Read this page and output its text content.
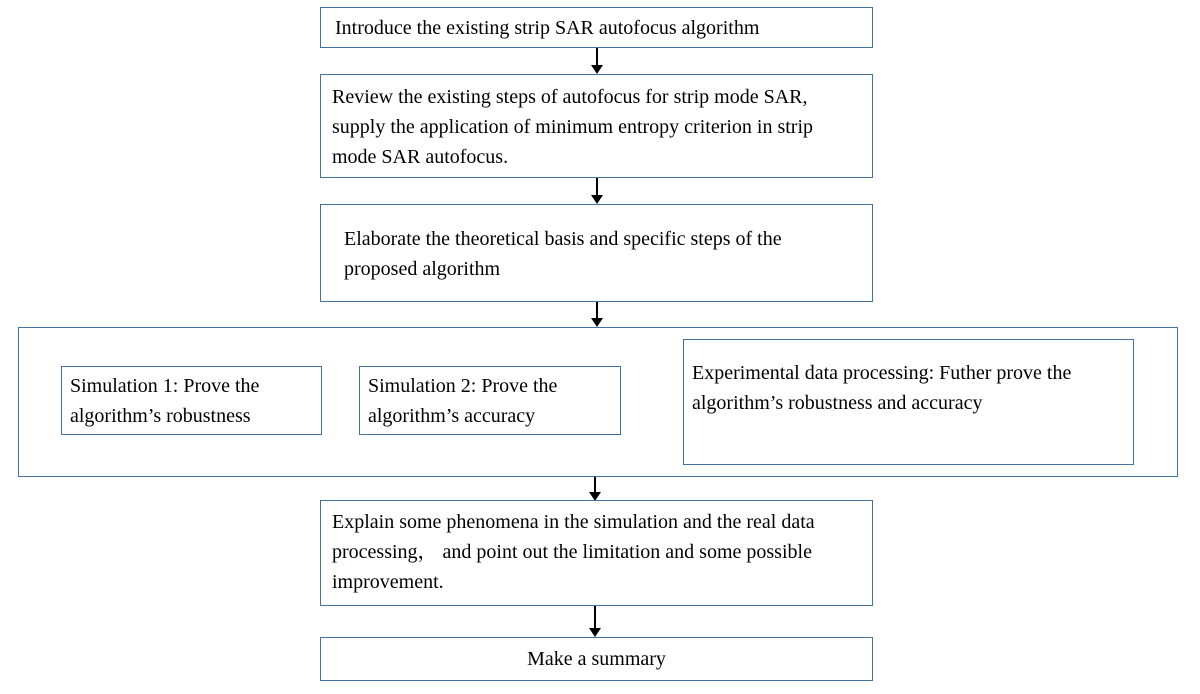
Introduce the existing strip SAR autofocus algorithm
Review the existing steps of autofocus for strip mode SAR, supply the application of minimum entropy criterion in strip mode SAR autofocus.
Elaborate the theoretical basis and specific steps of the proposed algorithm
Simulation 1: Prove the algorithm’s robustness
Simulation 2: Prove the algorithm’s accuracy
Experimental data processing: Futher prove the algorithm’s robustness and accuracy
Explain some phenomena in the simulation and the real data processing， and point out the limitation and some possible improvement.
Make a summary
